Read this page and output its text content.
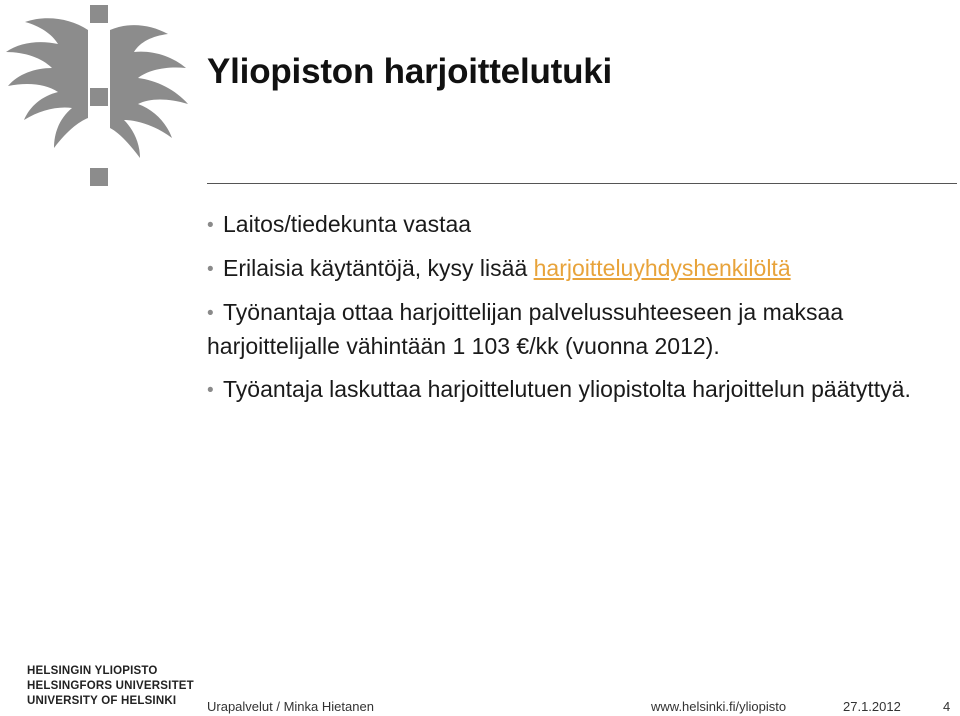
Yliopiston harjoittelutuki
• Laitos/tiedekunta vastaa
• Erilaisia käytäntöjä, kysy lisää harjoitteluyhdyshenkilöltä
• Työnantaja ottaa harjoittelijan palvelussuhteeseen ja maksaa harjoittelijalle vähintään 1 103 €/kk (vuonna 2012).
• Työantaja laskuttaa harjoittelutuen yliopistolta harjoittelun päätyttyä.
HELSINGIN YLIOPISTO
HELSINGFORS UNIVERSITET
UNIVERSITY OF HELSINKI	Urapalvelut / Minka Hietanen	www.helsinki.fi/yliopisto	27.1.2012	4
